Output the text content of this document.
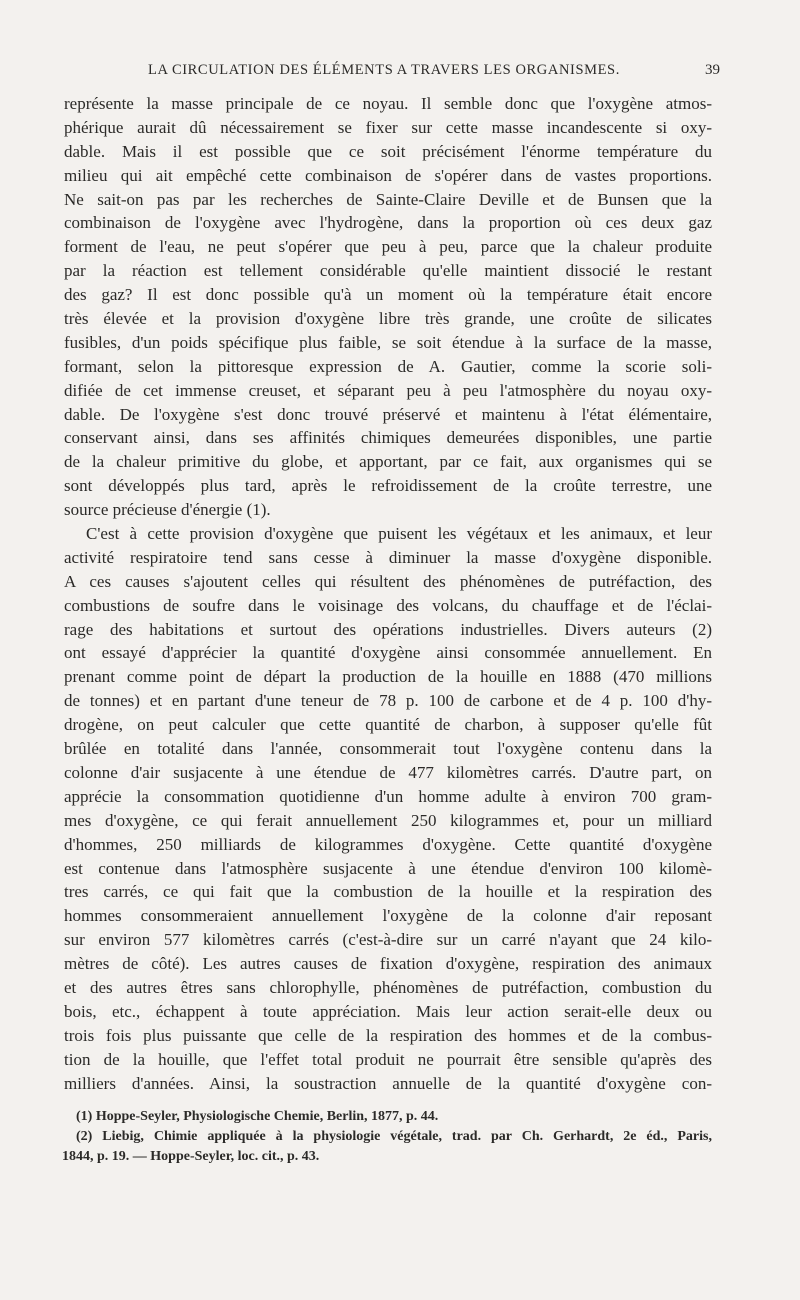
LA CIRCULATION DES ÉLÉMENTS A TRAVERS LES ORGANISMES.	39
représente la masse principale de ce noyau. Il semble donc que l'oxygène atmos-
phérique aurait dû nécessairement se fixer sur cette masse incandescente si oxy-
dable. Mais il est possible que ce soit précisément l'énorme température du
milieu qui ait empêché cette combinaison de s'opérer dans de vastes proportions.
Ne sait-on pas par les recherches de Sainte-Claire Deville et de Bunsen que la
combinaison de l'oxygène avec l'hydrogène, dans la proportion où ces deux gaz
forment de l'eau, ne peut s'opérer que peu à peu, parce que la chaleur produite
par la réaction est tellement considérable qu'elle maintient dissocié le restant
des gaz? Il est donc possible qu'à un moment où la température était encore
très élevée et la provision d'oxygène libre très grande, une croûte de silicates
fusibles, d'un poids spécifique plus faible, se soit étendue à la surface de la masse,
formant, selon la pittoresque expression de A. Gautier, comme la scorie soli-
difiée de cet immense creuset, et séparant peu à peu l'atmosphère du noyau oxy-
dable. De l'oxygène s'est donc trouvé préservé et maintenu à l'état élémentaire,
conservant ainsi, dans ses affinités chimiques demeurées disponibles, une partie
de la chaleur primitive du globe, et apportant, par ce fait, aux organismes qui se
sont développés plus tard, après le refroidissement de la croûte terrestre, une
source précieuse d'énergie (1).
C'est à cette provision d'oxygène que puisent les végétaux et les animaux, et leur
activité respiratoire tend sans cesse à diminuer la masse d'oxygène disponible.
A ces causes s'ajoutent celles qui résultent des phénomènes de putréfaction, des
combustions de soufre dans le voisinage des volcans, du chauffage et de l'éclai-
rage des habitations et surtout des opérations industrielles. Divers auteurs (2)
ont essayé d'apprécier la quantité d'oxygène ainsi consommée annuellement. En
prenant comme point de départ la production de la houille en 1888 (470 millions
de tonnes) et en partant d'une teneur de 78 p. 100 de carbone et de 4 p. 100 d'hy-
drogène, on peut calculer que cette quantité de charbon, à supposer qu'elle fût
brûlée en totalité dans l'année, consommerait tout l'oxygène contenu dans la
colonne d'air susjacente à une étendue de 477 kilomètres carrés. D'autre part, on
apprécie la consommation quotidienne d'un homme adulte à environ 700 gram-
mes d'oxygène, ce qui ferait annuellement 250 kilogrammes et, pour un milliard
d'hommes, 250 milliards de kilogrammes d'oxygène. Cette quantité d'oxygène
est contenue dans l'atmosphère susjacente à une étendue d'environ 100 kilomè-
tres carrés, ce qui fait que la combustion de la houille et la respiration des
hommes consommeraient annuellement l'oxygène de la colonne d'air reposant
sur environ 577 kilomètres carrés (c'est-à-dire sur un carré n'ayant que 24 kilo-
mètres de côté). Les autres causes de fixation d'oxygène, respiration des animaux
et des autres êtres sans chlorophylle, phénomènes de putréfaction, combustion du
bois, etc., échappent à toute appréciation. Mais leur action serait-elle deux ou
trois fois plus puissante que celle de la respiration des hommes et de la combus-
tion de la houille, que l'effet total produit ne pourrait être sensible qu'après des
milliers d'années. Ainsi, la soustraction annuelle de la quantité d'oxygène con-
(1) Hoppe-Seyler, Physiologische Chemie, Berlin, 1877, p. 44.
(2) Liebig, Chimie appliquée à la physiologie végétale, trad. par Ch. Gerhardt, 2e éd., Paris,
1844, p. 19. — Hoppe-Seyler, loc. cit., p. 43.
